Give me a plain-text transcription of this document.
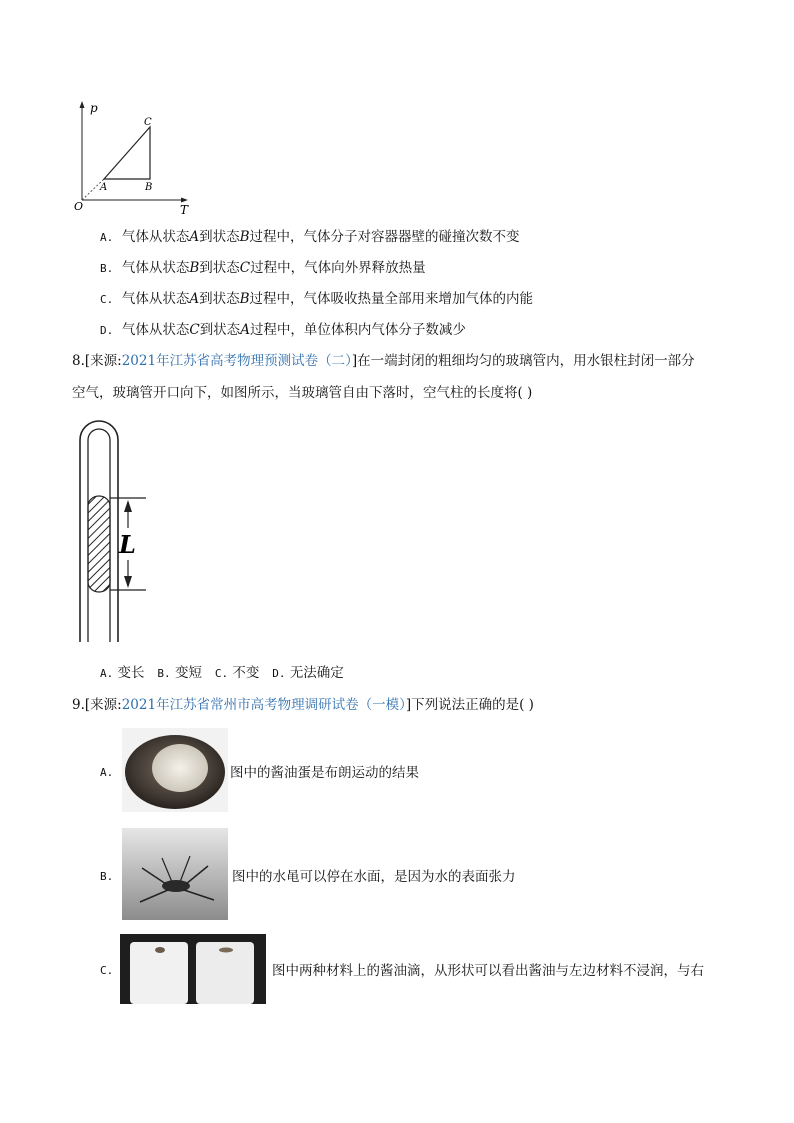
p
T
O
A	B
C
A. 气体从状态A到状态B过程中，气体分子对容器器壁的碰撞次数不变
B. 气体从状态B到状态C过程中，气体向外界释放热量
C. 气体从状态A到状态B过程中，气体吸收热量全部用来增加气体的内能
D. 气体从状态C到状态A过程中，单位体积内气体分子数减少
8.[来源:2021年江苏省高考物理预测试卷（二）]在一端封闭的粗细均匀的玻璃管内，用水银柱封闭一部分
空气，玻璃管开口向下，如图所示，当玻璃管自由下落时，空气柱的长度将( )
L
A. 变长 B. 变短 C. 不变 D. 无法确定
9.[来源:2021年江苏省常州市高考物理调研试卷（一模）]下列说法正确的是( )
A.	图中的酱油蛋是布朗运动的结果
B.	图中的水黾可以停在水面，是因为水的表面张力
C.	图中两种材料上的酱油滴，从形状可以看出酱油与左边材料不浸润，与右
